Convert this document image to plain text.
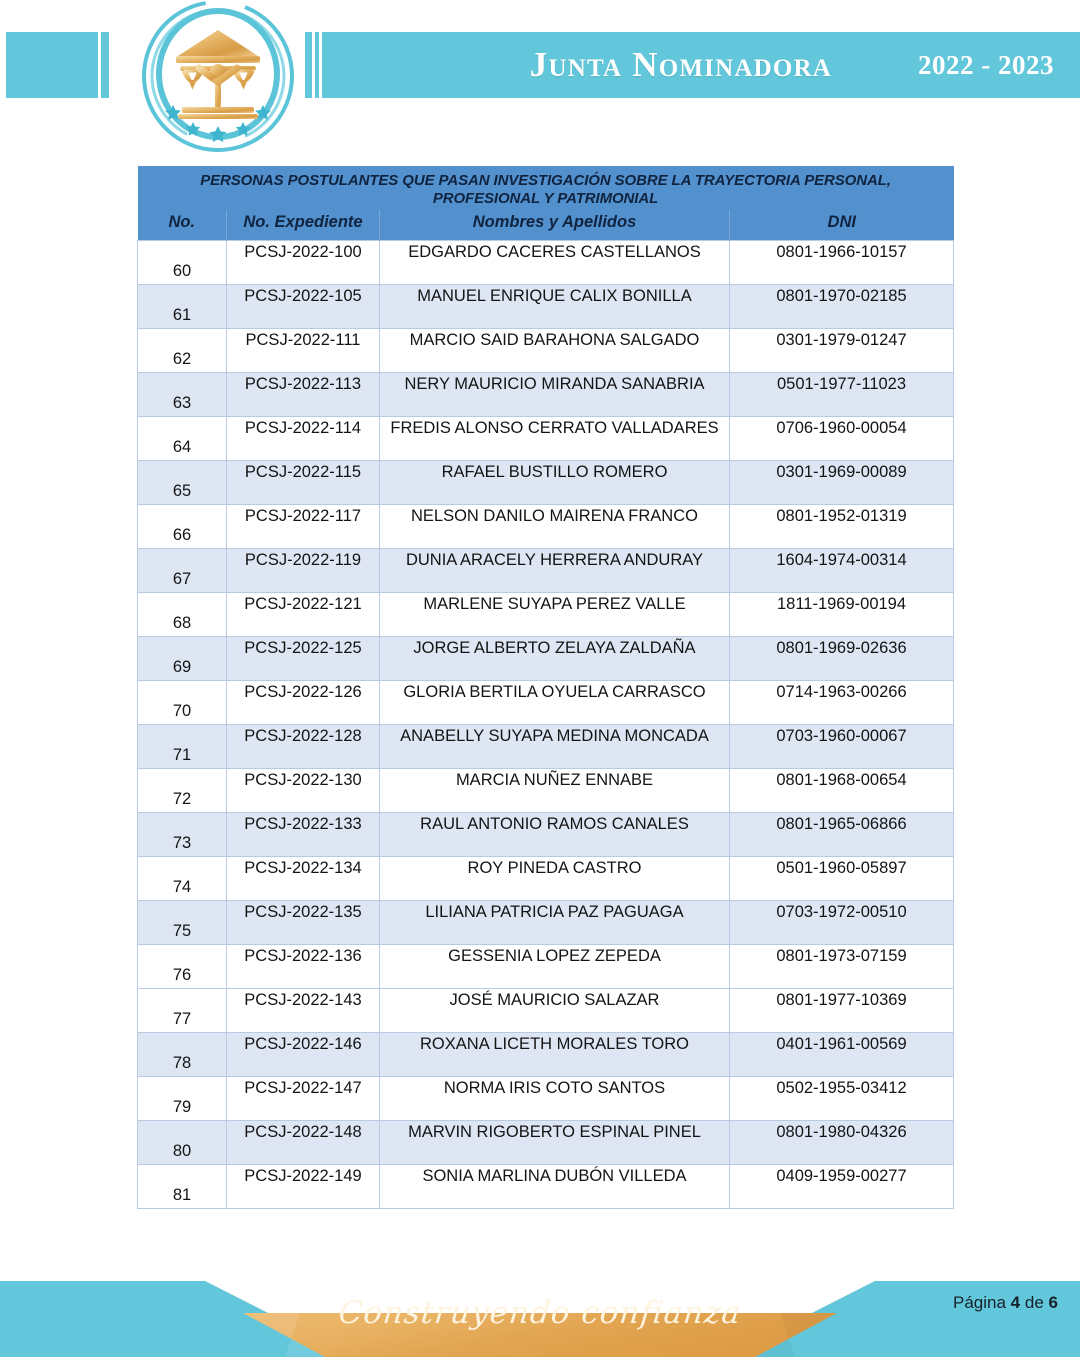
Junta Nominadora	2022 - 2023
PERSONAS POSTULANTES QUE PASAN INVESTIGACIÓN SOBRE LA TRAYECTORIA PERSONAL, PROFESIONAL Y PATRIMONIAL			
No.	No. Expediente	Nombres y Apellidos	DNI
60	PCSJ-2022-100	EDGARDO CACERES CASTELLANOS	0801-1966-10157
61	PCSJ-2022-105	MANUEL ENRIQUE CALIX BONILLA	0801-1970-02185
62	PCSJ-2022-111	MARCIO SAID BARAHONA SALGADO	0301-1979-01247
63	PCSJ-2022-113	NERY MAURICIO MIRANDA SANABRIA	0501-1977-11023
64	PCSJ-2022-114	FREDIS ALONSO CERRATO VALLADARES	0706-1960-00054
65	PCSJ-2022-115	RAFAEL BUSTILLO ROMERO	0301-1969-00089
66	PCSJ-2022-117	NELSON DANILO MAIRENA FRANCO	0801-1952-01319
67	PCSJ-2022-119	DUNIA ARACELY HERRERA ANDURAY	1604-1974-00314
68	PCSJ-2022-121	MARLENE SUYAPA PEREZ VALLE	1811-1969-00194
69	PCSJ-2022-125	JORGE ALBERTO ZELAYA ZALDAÑA	0801-1969-02636
70	PCSJ-2022-126	GLORIA BERTILA OYUELA CARRASCO	0714-1963-00266
71	PCSJ-2022-128	ANABELLY SUYAPA MEDINA MONCADA	0703-1960-00067
72	PCSJ-2022-130	MARCIA NUÑEZ ENNABE	0801-1968-00654
73	PCSJ-2022-133	RAUL ANTONIO RAMOS CANALES	0801-1965-06866
74	PCSJ-2022-134	ROY PINEDA CASTRO	0501-1960-05897
75	PCSJ-2022-135	LILIANA PATRICIA PAZ PAGUAGA	0703-1972-00510
76	PCSJ-2022-136	GESSENIA LOPEZ ZEPEDA	0801-1973-07159
77	PCSJ-2022-143	JOSÉ MAURICIO SALAZAR	0801-1977-10369
78	PCSJ-2022-146	ROXANA LICETH MORALES TORO	0401-1961-00569
79	PCSJ-2022-147	NORMA IRIS COTO SANTOS	0502-1955-03412
80	PCSJ-2022-148	MARVIN RIGOBERTO ESPINAL PINEL	0801-1980-04326
81	PCSJ-2022-149	SONIA MARLINA DUBÓN VILLEDA	0409-1959-00277
Construyendo confianza	Página 4 de 6
